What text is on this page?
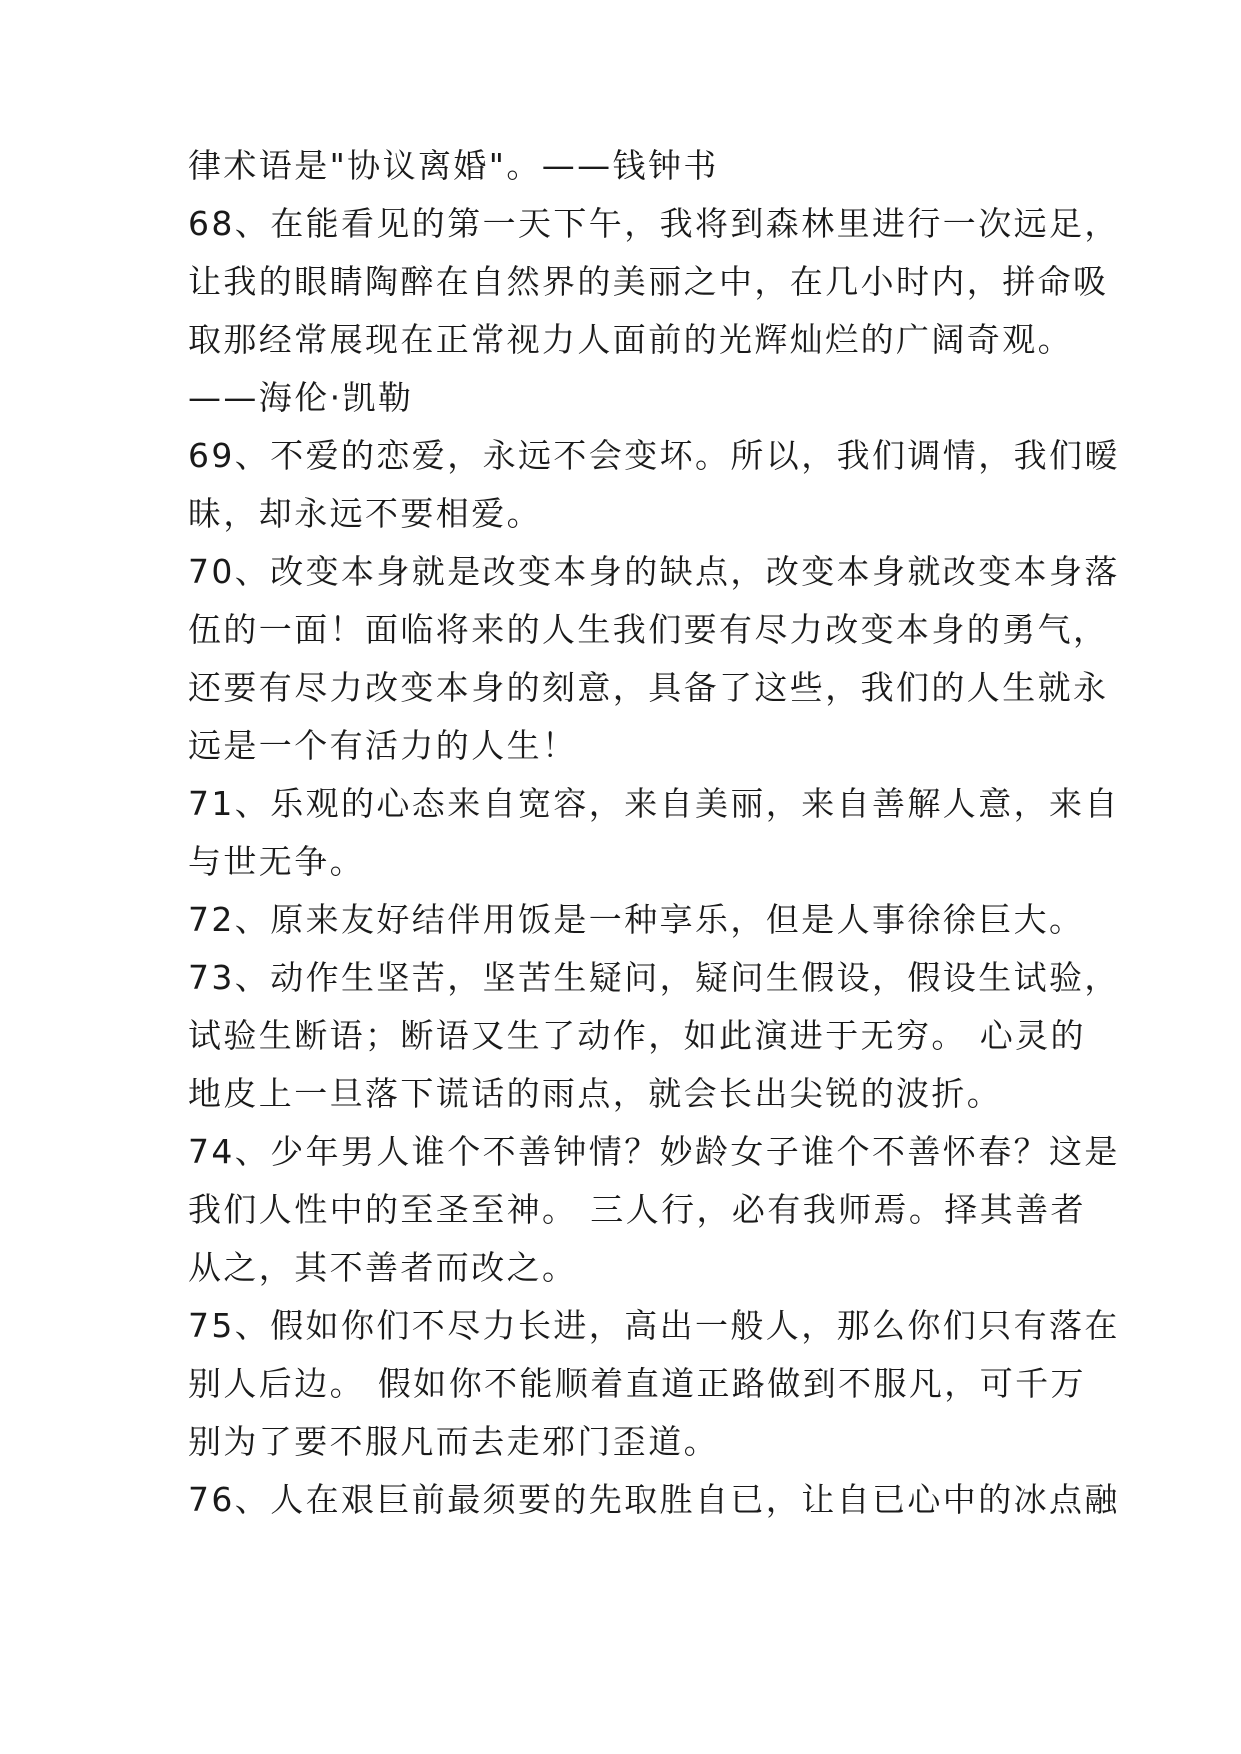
律术语是"协议离婚"。——钱钟书
68、在能看见的第一天下午，我将到森林里进行一次远足，
让我的眼睛陶醉在自然界的美丽之中，在几小时内，拼命吸
取那经常展现在正常视力人面前的光辉灿烂的广阔奇观。
——海伦·凯勒
69、不爱的恋爱，永远不会变坏。所以，我们调情，我们暧
昧，却永远不要相爱。
70、改变本身就是改变本身的缺点，改变本身就改变本身落
伍的一面！面临将来的人生我们要有尽力改变本身的勇气，
还要有尽力改变本身的刻意，具备了这些，我们的人生就永
远是一个有活力的人生！
71、乐观的心态来自宽容，来自美丽，来自善解人意，来自
与世无争。
72、原来友好结伴用饭是一种享乐，但是人事徐徐巨大。
73、动作生坚苦，坚苦生疑问，疑问生假设，假设生试验，
试验生断语；断语又生了动作，如此演进于无穷。 心灵的
地皮上一旦落下谎话的雨点，就会长出尖锐的波折。
74、少年男人谁个不善钟情？妙龄女子谁个不善怀春？这是
我们人性中的至圣至神。 三人行，必有我师焉。择其善者
从之，其不善者而改之。
75、假如你们不尽力长进，高出一般人，那么你们只有落在
别人后边。 假如你不能顺着直道正路做到不服凡，可千万
别为了要不服凡而去走邪门歪道。
76、人在艰巨前最须要的先取胜自已，让自已心中的冰点融
